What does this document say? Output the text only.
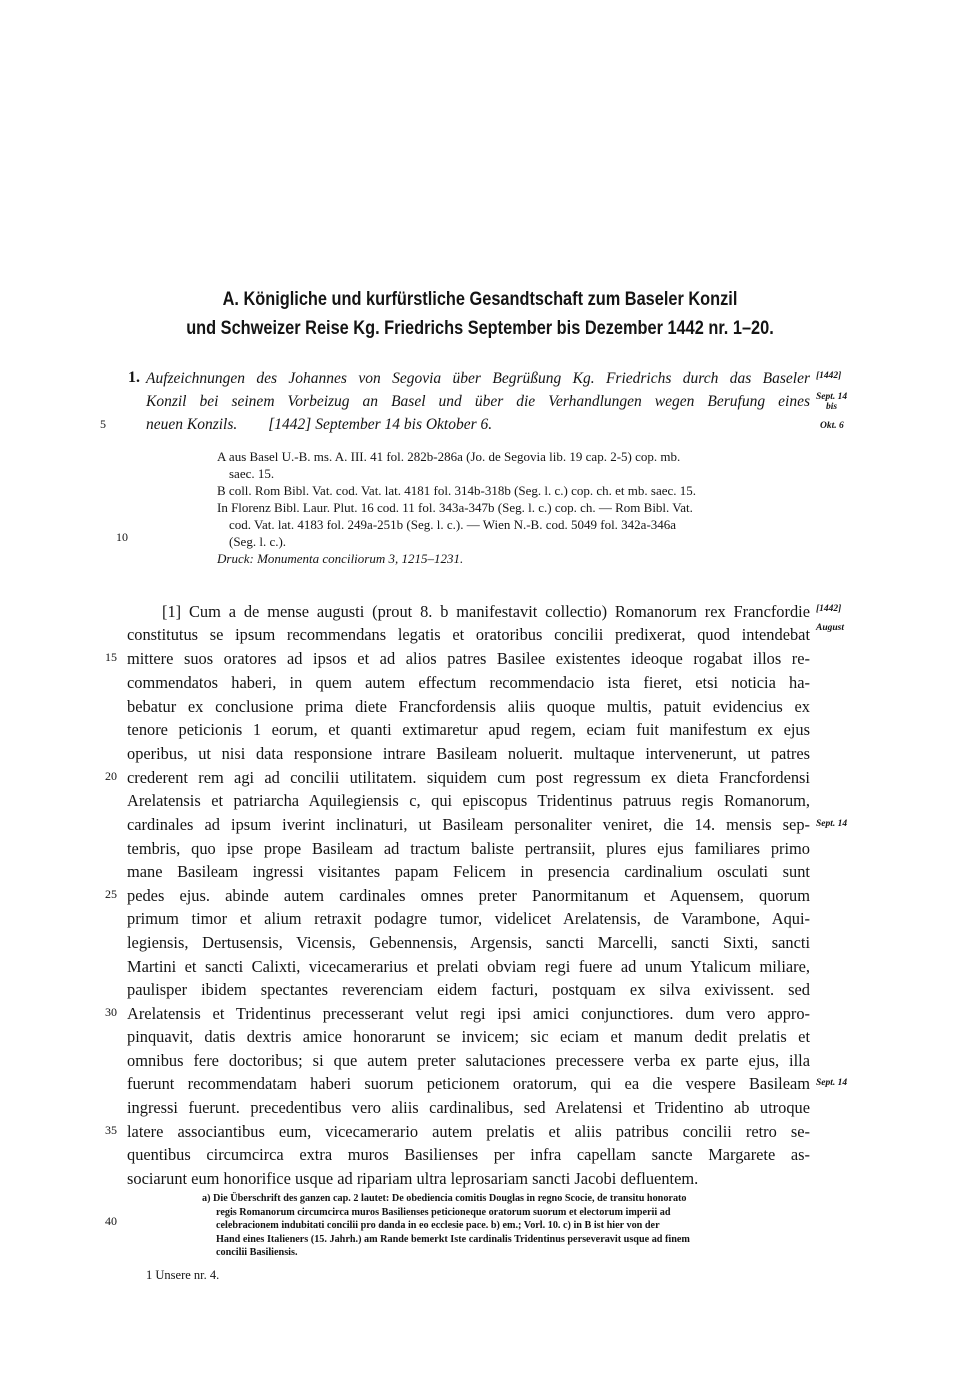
A. Königliche und kurfürstliche Gesandtschaft zum Baseler Konzil
und Schweizer Reise Kg. Friedrichs September bis Dezember 1442 nr. 1–20.
1. Aufzeichnungen des Johannes von Segovia über Begrüßung Kg. Friedrichs durch das Baseler [1442]
Konzil bei seinem Vorbeizug an Basel und über die Verhandlungen wegen Berufung eines Sept. 14
bis
5	neuen Konzils.        [1442] September 14 bis Oktober 6.	Okt. 6
A aus Basel U.-B. ms. A. III. 41 fol. 282b-286a (Jo. de Segovia lib. 19 cap. 2-5) cop. mb.
saec. 15.
B coll. Rom Bibl. Vat. cod. Vat. lat. 4181 fol. 314b-318b (Seg. l. c.) cop. ch. et mb. saec. 15.
In Florenz Bibl. Laur. Plut. 16 cod. 11 fol. 343a-347b (Seg. l. c.) cop. ch. — Rom Bibl. Vat.
cod. Vat. lat. 4183 fol. 249a-251b (Seg. l. c.). — Wien N.-B. cod. 5049 fol. 342a-346a
(Seg. l. c.).
Druck: Monumenta conciliorum 3, 1215–1231.
10
[1] Cum a de mense augusti (prout 8. b manifestavit collectio) Romanorum rex Francfordie [1442]
constitutus se ipsum recommendans legatis et oratoribus concilii predixerat, quod intendebat August
15 mittere suos oratores ad ipsos et ad alios patres Basilee existentes ideoque rogabat illos re-
commendatos haberi, in quem autem effectum recommendacio ista fieret, etsi noticia ha-
bebatur ex conclusione prima diete Francfordensis aliis quoque multis, patuit evidencius ex
tenore peticionis 1 eorum, et quanti extimaretur apud regem, eciam fuit manifestum ex ejus
operibus, ut nisi data responsione intrare Basileam noluerit. multaque intervenerunt, ut patres
20 crederent rem agi ad concilii utilitatem. siquidem cum post regressum ex dieta Francfordensi
Arelatensis et patriarcha Aquilegiensis c, qui episcopus Tridentinus patruus regis Romanorum,
cardinales ad ipsum iverint inclinaturi, ut Basileam personaliter veniret, die 14. mensis sep- Sept. 14
tembris, quo ipse prope Basileam ad tractum baliste pertransiit, plures ejus familiares primo
mane Basileam ingressi visitantes papam Felicem in presencia cardinalium osculati sunt
25 pedes ejus. abinde autem cardinales omnes preter Panormitanum et Aquensem, quorum
primum timor et alium retraxit podagre tumor, videlicet Arelatensis, de Varambone, Aqui-
legiensis, Dertusensis, Vicensis, Gebennensis, Argensis, sancti Marcelli, sancti Sixti, sancti
Martini et sancti Calixti, vicecamerarius et prelati obviam regi fuere ad unum Ytalicum miliare,
paulisper ibidem spectantes reverenciam eidem facturi, postquam ex silva exivissent. sed
30 Arelatensis et Tridentinus precesserant velut regi ipsi amici conjunctiores. dum vero appro-
pinquavit, datis dextris amice honorarunt se invicem; sic eciam et manum dedit prelatis et
omnibus fere doctoribus; si que autem preter salutaciones precessere verba ex parte ejus, illa
fuerunt recommendatam haberi suorum peticionem oratorum, qui ea die vespere Basileam Sept. 14
ingressi fuerunt. precedentibus vero aliis cardinalibus, sed Arelatensi et Tridentino ab utroque
35 latere associantibus eum, vicecamerario autem prelatis et aliis patribus concilii retro se-
quentibus circumcirca extra muros Basilienses per infra capellam sancte Margarete as-
sociarunt eum honorifice usque ad ripariam ultra leprosariam sancti Jacobi defluentem.
a) Die Überschrift des ganzen cap. 2 lautet: De obediencia comitis Douglas in regno Scocie, de transitu honorato
regis Romanorum circumcirca muros Basilienses peticioneque oratorum suorum et electorum imperii ad
celebracionem indubitati concilii pro danda in eo ecclesie pace. b) em.; Vorl. 10. c) in B ist hier von der
Hand eines Italieners (15. Jahrh.) am Rande bemerkt Iste cardinalis Tridentinus perseveravit usque ad finem
concilii Basiliensis.
40
1 Unsere nr. 4.
